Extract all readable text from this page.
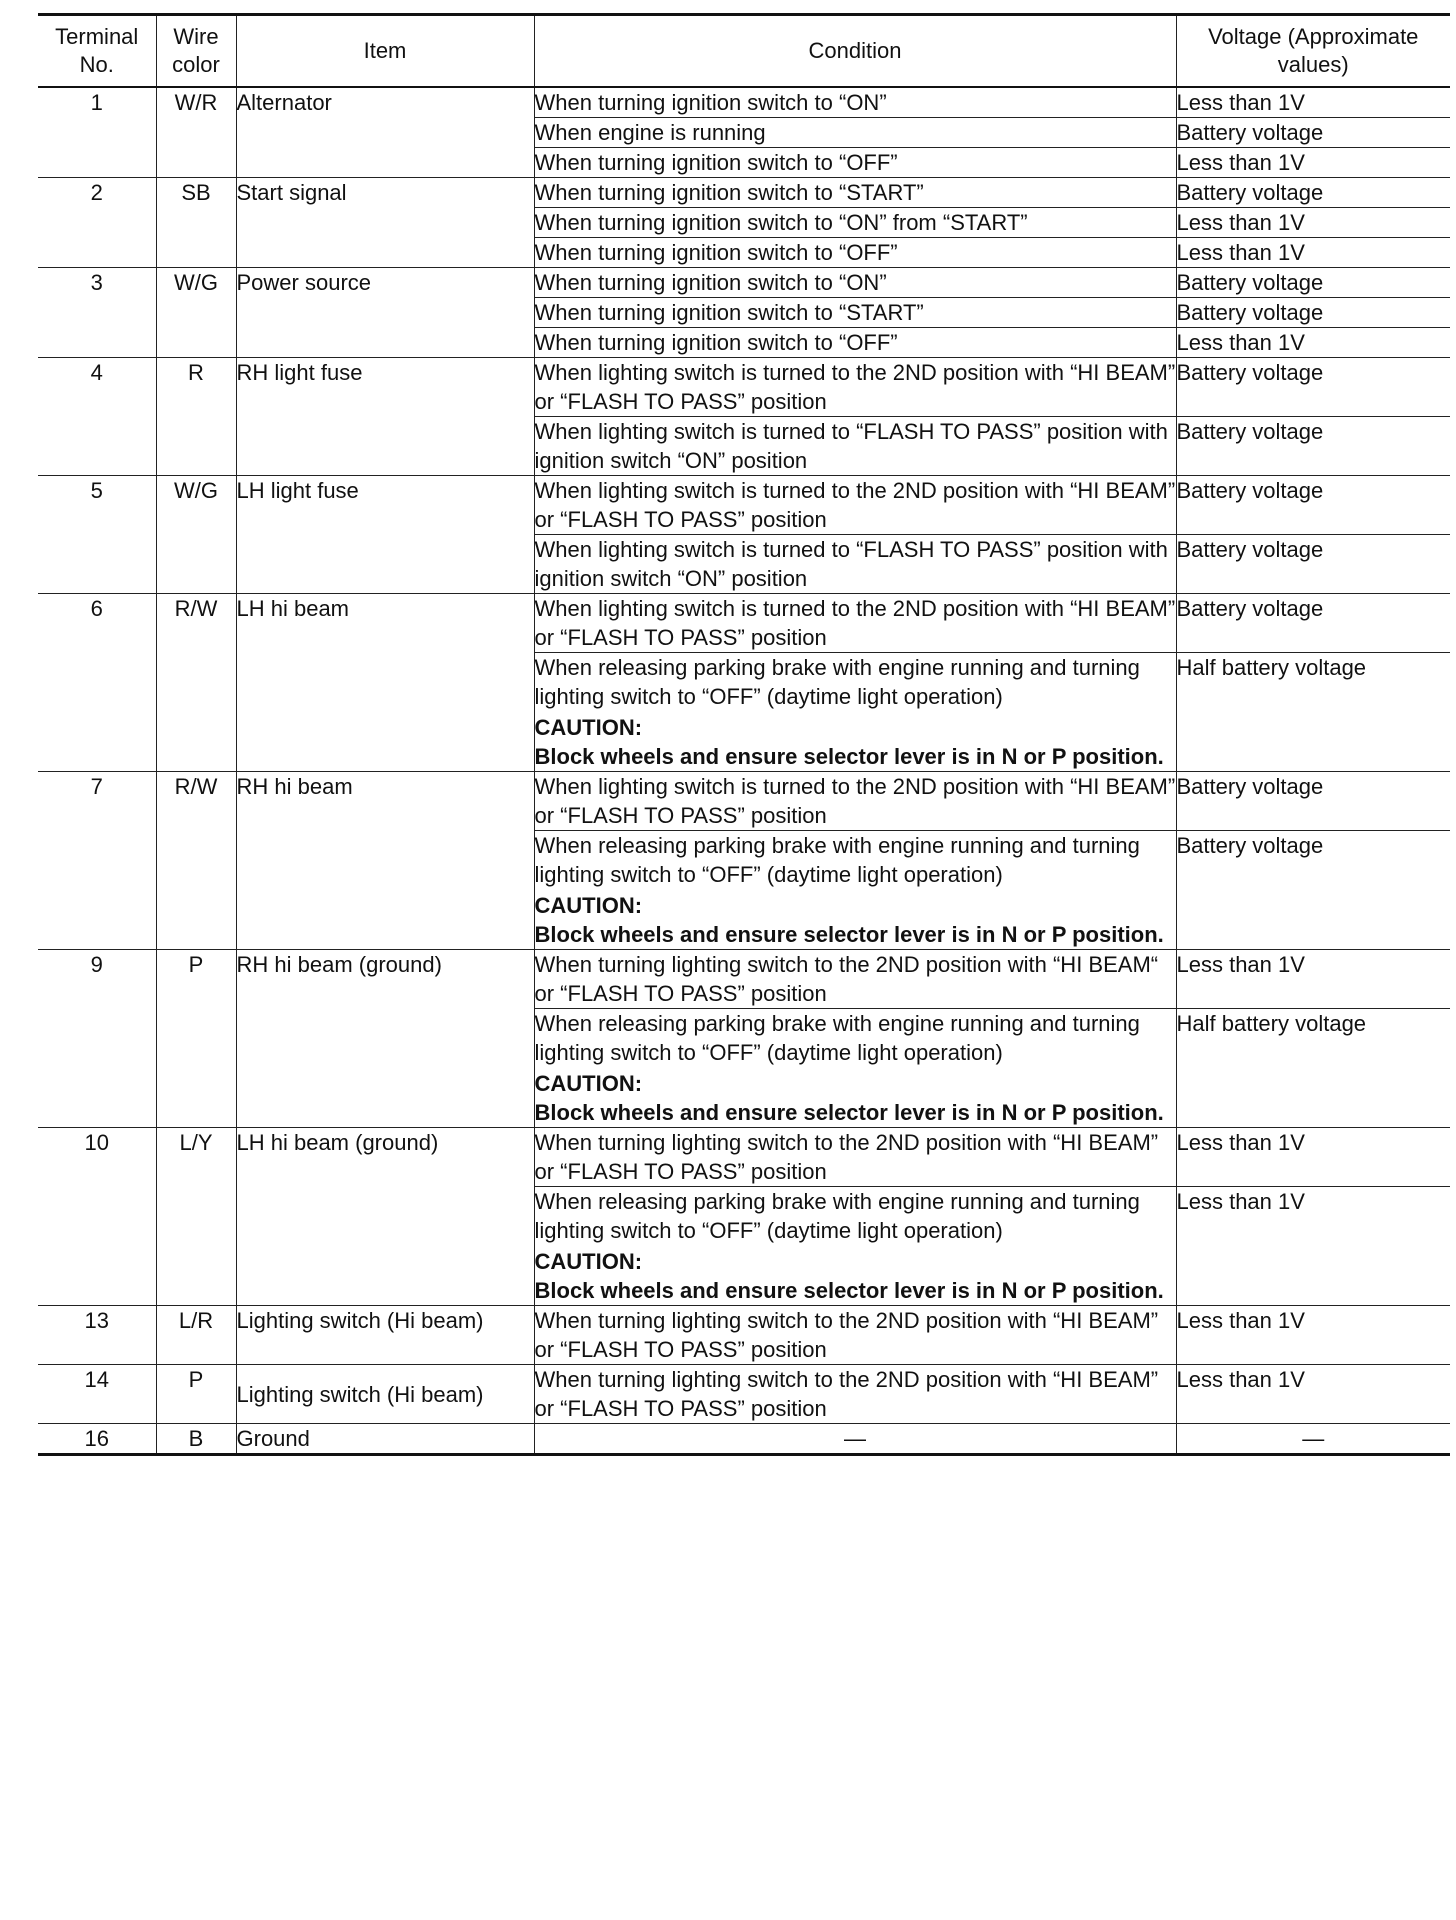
Terminal No.	Wire color	Item	Condition	Voltage (Approximate values)
1	W/R	Alternator	When turning ignition switch to “ON”	Less than 1V
			When engine is running	Battery voltage
			When turning ignition switch to “OFF”	Less than 1V
2	SB	Start signal	When turning ignition switch to “START”	Battery voltage
			When turning ignition switch to “ON” from “START”	Less than 1V
			When turning ignition switch to “OFF”	Less than 1V
3	W/G	Power source	When turning ignition switch to “ON”	Battery voltage
			When turning ignition switch to “START”	Battery voltage
			When turning ignition switch to “OFF”	Less than 1V
4	R	RH light fuse	When lighting switch is turned to the 2ND position with “HI BEAM” or “FLASH TO PASS” position	Battery voltage
			When lighting switch is turned to “FLASH TO PASS” position with ignition switch “ON” position	Battery voltage
5	W/G	LH light fuse	When lighting switch is turned to the 2ND position with “HI BEAM” or “FLASH TO PASS” position	Battery voltage
			When lighting switch is turned to “FLASH TO PASS” position with ignition switch “ON” position	Battery voltage
6	R/W	LH hi beam	When lighting switch is turned to the 2ND position with “HI BEAM” or “FLASH TO PASS” position	Battery voltage
			When releasing parking brake with engine running and turning lighting switch to “OFF” (daytime light operation)
CAUTION:
Block wheels and ensure selector lever is in N or P position.	Half battery voltage
7	R/W	RH hi beam	When lighting switch is turned to the 2ND position with “HI BEAM” or “FLASH TO PASS” position	Battery voltage
			When releasing parking brake with engine running and turning lighting switch to “OFF” (daytime light operation)
CAUTION:
Block wheels and ensure selector lever is in N or P position.	Battery voltage
9	P	RH hi beam (ground)	When turning lighting switch to the 2ND position with “HI BEAM“ or “FLASH TO PASS” position	Less than 1V
			When releasing parking brake with engine running and turning lighting switch to “OFF” (daytime light operation)
CAUTION:
Block wheels and ensure selector lever is in N or P position.	Half battery voltage
10	L/Y	LH hi beam (ground)	When turning lighting switch to the 2ND position with “HI BEAM” or “FLASH TO PASS” position	Less than 1V
			When releasing parking brake with engine running and turning lighting switch to “OFF” (daytime light operation)
CAUTION:
Block wheels and ensure selector lever is in N or P position.	Less than 1V
13	L/R	Lighting switch (Hi beam)	When turning lighting switch to the 2ND position with “HI BEAM” or “FLASH TO PASS” position	Less than 1V
14	P	Lighting switch (Hi beam)	When turning lighting switch to the 2ND position with “HI BEAM” or “FLASH TO PASS” position	Less than 1V
16	B	Ground	—	—
